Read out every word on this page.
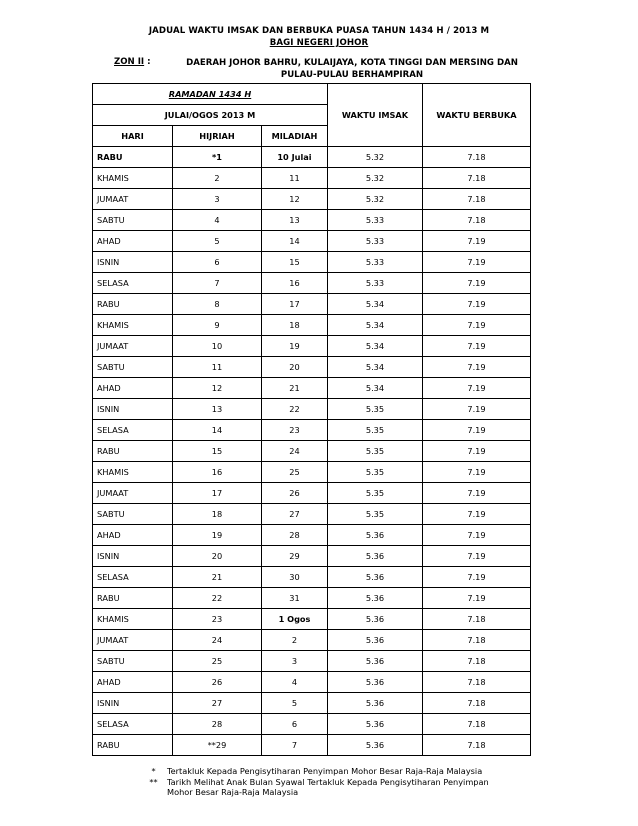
JADUAL WAKTU IMSAK DAN BERBUKA PUASA TAHUN 1434 H / 2013 M
BAGI NEGERI JOHOR
ZON II :	DAERAH JOHOR BAHRU, KULAIJAYA, KOTA TINGGI DAN MERSING DAN PULAU-PULAU BERHAMPIRAN
RAMADAN 1434 H			WAKTU IMSAK	WAKTU BERBUKA
JULAI/OGOS 2013 M				
HARI	HIJRIAH	MILADIAH		
RABU	*1	10 Julai	5.32	7.18
KHAMIS	2	11	5.32	7.18
JUMAAT	3	12	5.32	7.18
SABTU	4	13	5.33	7.18
AHAD	5	14	5.33	7.19
ISNIN	6	15	5.33	7.19
SELASA	7	16	5.33	7.19
RABU	8	17	5.34	7.19
KHAMIS	9	18	5.34	7.19
JUMAAT	10	19	5.34	7.19
SABTU	11	20	5.34	7.19
AHAD	12	21	5.34	7.19
ISNIN	13	22	5.35	7.19
SELASA	14	23	5.35	7.19
RABU	15	24	5.35	7.19
KHAMIS	16	25	5.35	7.19
JUMAAT	17	26	5.35	7.19
SABTU	18	27	5.35	7.19
AHAD	19	28	5.36	7.19
ISNIN	20	29	5.36	7.19
SELASA	21	30	5.36	7.19
RABU	22	31	5.36	7.19
KHAMIS	23	1 Ogos	5.36	7.18
JUMAAT	24	2	5.36	7.18
SABTU	25	3	5.36	7.18
AHAD	26	4	5.36	7.18
ISNIN	27	5	5.36	7.18
SELASA	28	6	5.36	7.18
RABU	**29	7	5.36	7.18
*	Tertakluk Kepada Pengisytiharan Penyimpan Mohor Besar Raja-Raja Malaysia
**	Tarikh Melihat Anak Bulan Syawal Tertakluk Kepada Pengisytiharan Penyimpan Mohor Besar Raja-Raja Malaysia
